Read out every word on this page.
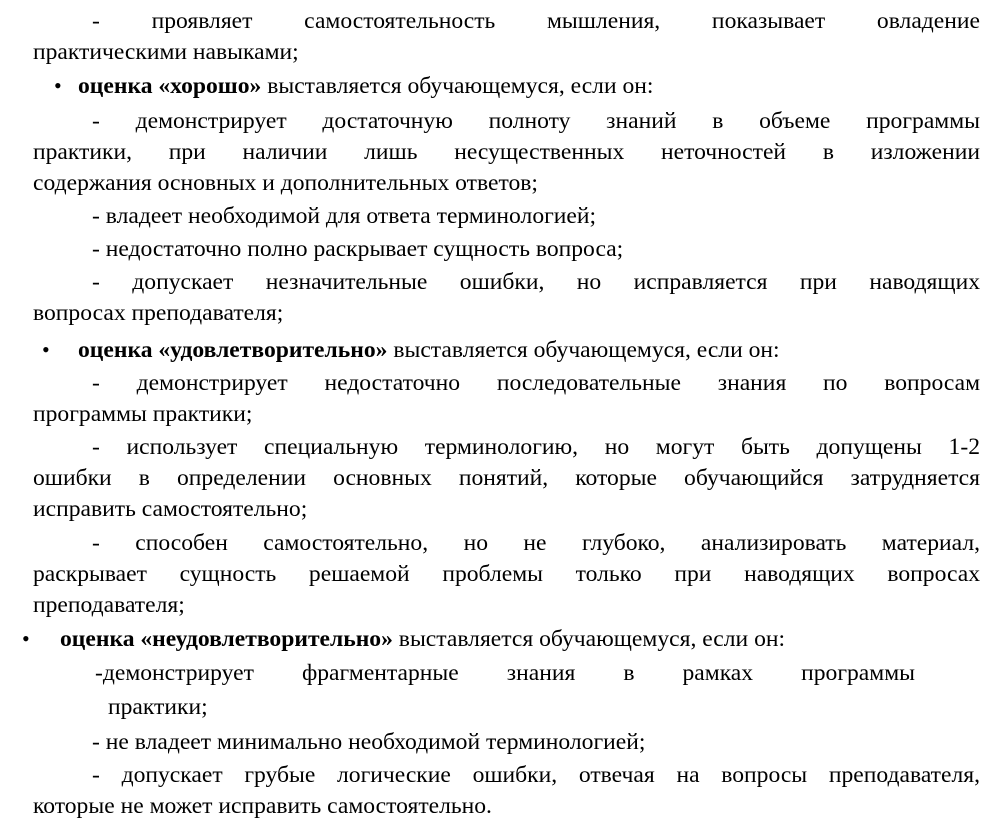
- проявляет самостоятельность мышления, показывает овладение
практическими навыками;
• оценка «хорошо» выставляется обучающемуся, если он:
- демонстрирует достаточную полноту знаний в объеме программы
практики, при наличии лишь несущественных неточностей в изложении
содержания основных и дополнительных ответов;
- владеет необходимой для ответа терминологией;
- недостаточно полно раскрывает сущность вопроса;
- допускает незначительные ошибки, но исправляется при наводящих
вопросах преподавателя;
• оценка «удовлетворительно» выставляется обучающемуся, если он:
- демонстрирует недостаточно последовательные знания по вопросам
программы практики;
- использует специальную терминологию, но могут быть допущены 1-2
ошибки в определении основных понятий, которые обучающийся затрудняется
исправить самостоятельно;
- способен самостоятельно, но не глубоко, анализировать материал,
раскрывает сущность решаемой проблемы только при наводящих вопросах
преподавателя;
• оценка «неудовлетворительно» выставляется обучающемуся, если он:
-демонстрирует фрагментарные знания в рамках программы
практики;
- не владеет минимально необходимой терминологией;
- допускает грубые логические ошибки, отвечая на вопросы преподавателя,
которые не может исправить самостоятельно.
